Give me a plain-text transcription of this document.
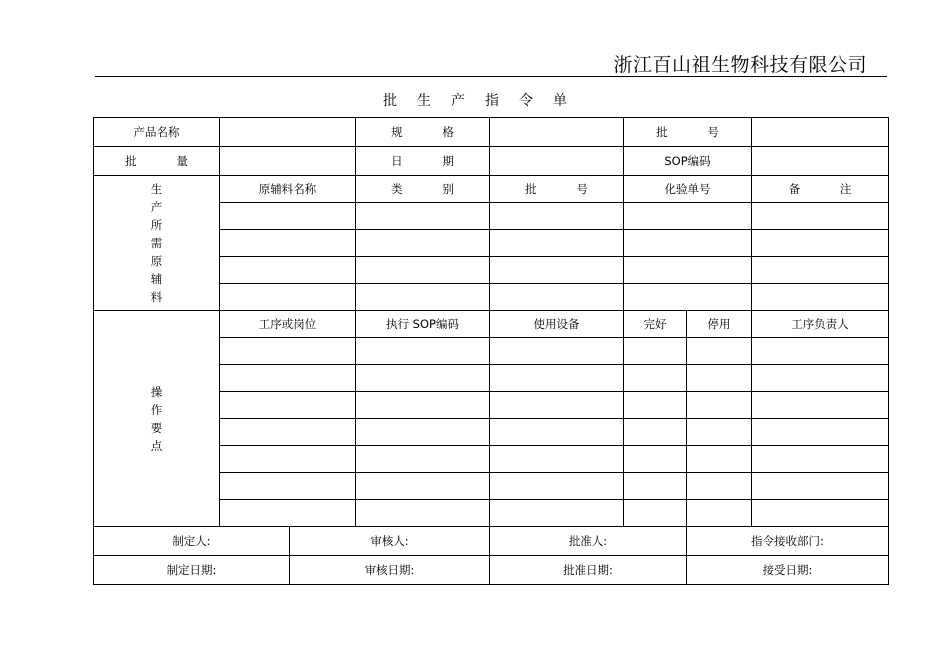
浙江百山祖生物科技有限公司
批生产指令单
产品名称			规 格		批 号		
批 量			日 期		SOP编码		
生产所需原辅料	原辅料名称		类 别	批 号	化验单号		备 注

操作要点	工序或岗位		执行 SOP编码	使用设备	完好	停用	工序负责人

制定人:		审核人:		批准人:		指令接收部门:	
制定日期:		审核日期:		批准日期:		接受日期:	
